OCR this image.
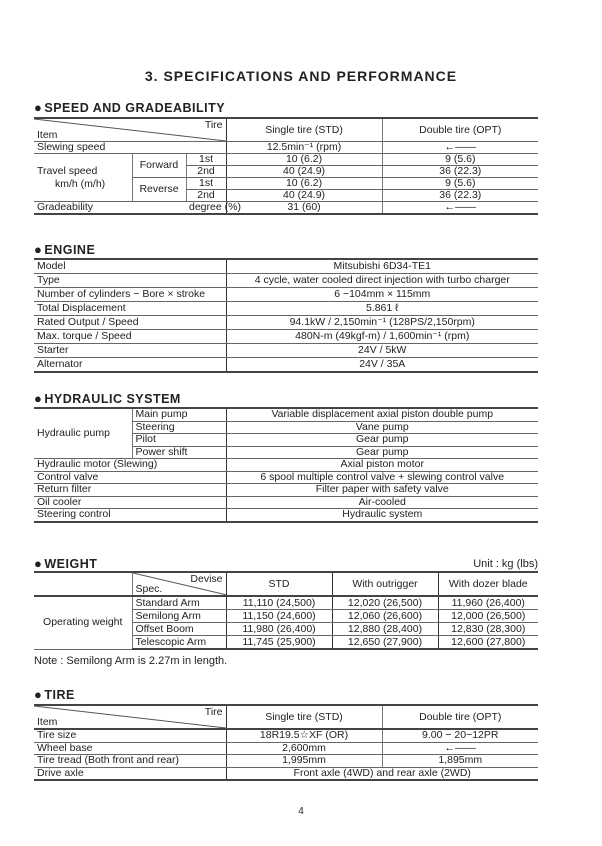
3. SPECIFICATIONS AND PERFORMANCE
● SPEED AND GRADEABILITY
Tire
Item			Single tire (STD)	Double tire (OPT)
Slewing speed			12.5min⁻¹ (rpm)	←――
Travel speed
km/h (m/h)	Forward	1st	10 (6.2)	9 (5.6)
		2nd	40 (24.9)	36 (22.3)
	Reverse	1st	10 (6.2)	9 (5.6)
		2nd	40 (24.9)	36 (22.3)
Gradeability		degree (%)	31 (60)	←――
● ENGINE
Model	Mitsubishi 6D34-TE1
Type	4 cycle, water cooled direct injection with turbo charger
Number of cylinders − Bore × stroke	6 −104mm × 115mm
Total Displacement	5.861 ℓ
Rated Output / Speed	94.1kW / 2,150min⁻¹ (128PS/2,150rpm)
Max. torque / Speed	480N-m (49kgf-m) / 1,600min⁻¹ (rpm)
Starter	24V / 5kW
Alternator	24V / 35A
● HYDRAULIC SYSTEM
Hydraulic pump	Main pump	Variable displacement axial piston double pump
	Steering	Vane pump
	Pilot	Gear pump
	Power shift	Gear pump
Hydraulic motor (Slewing)		Axial piston motor
Control valve		6 spool multiple control valve + slewing control valve
Return filter		Filter paper with safety valve
Oil cooler		Air-cooled
Steering control		Hydraulic system
● WEIGHT	Unit : kg (lbs)

	Devise
Spec.	STD	With outrigger	With dozer blade
Operating weight	Standard Arm	11,110 (24,500)	12,020 (26,500)	11,960 (26,400)
	Semilong Arm	11,150 (24,600)	12,060 (26,600)	12,000 (26,500)
	Offset Boom	11,980 (26,400)	12,880 (28,400)	12,830 (28,300)
	Telescopic Arm	11,745 (25,900)	12,650 (27,900)	12,600 (27,800)
Note : Semilong Arm is 2.27m in length.
● TIRE
Tire
Item	Single tire (STD)	Double tire (OPT)
Tire size	18R19.5☆XF (OR)	9.00 − 20−12PR
Wheel base	2,600mm	←――
Tire tread (Both front and rear)	1,995mm	1,895mm
Drive axle	Front axle (4WD) and rear axle (2WD)	
4
